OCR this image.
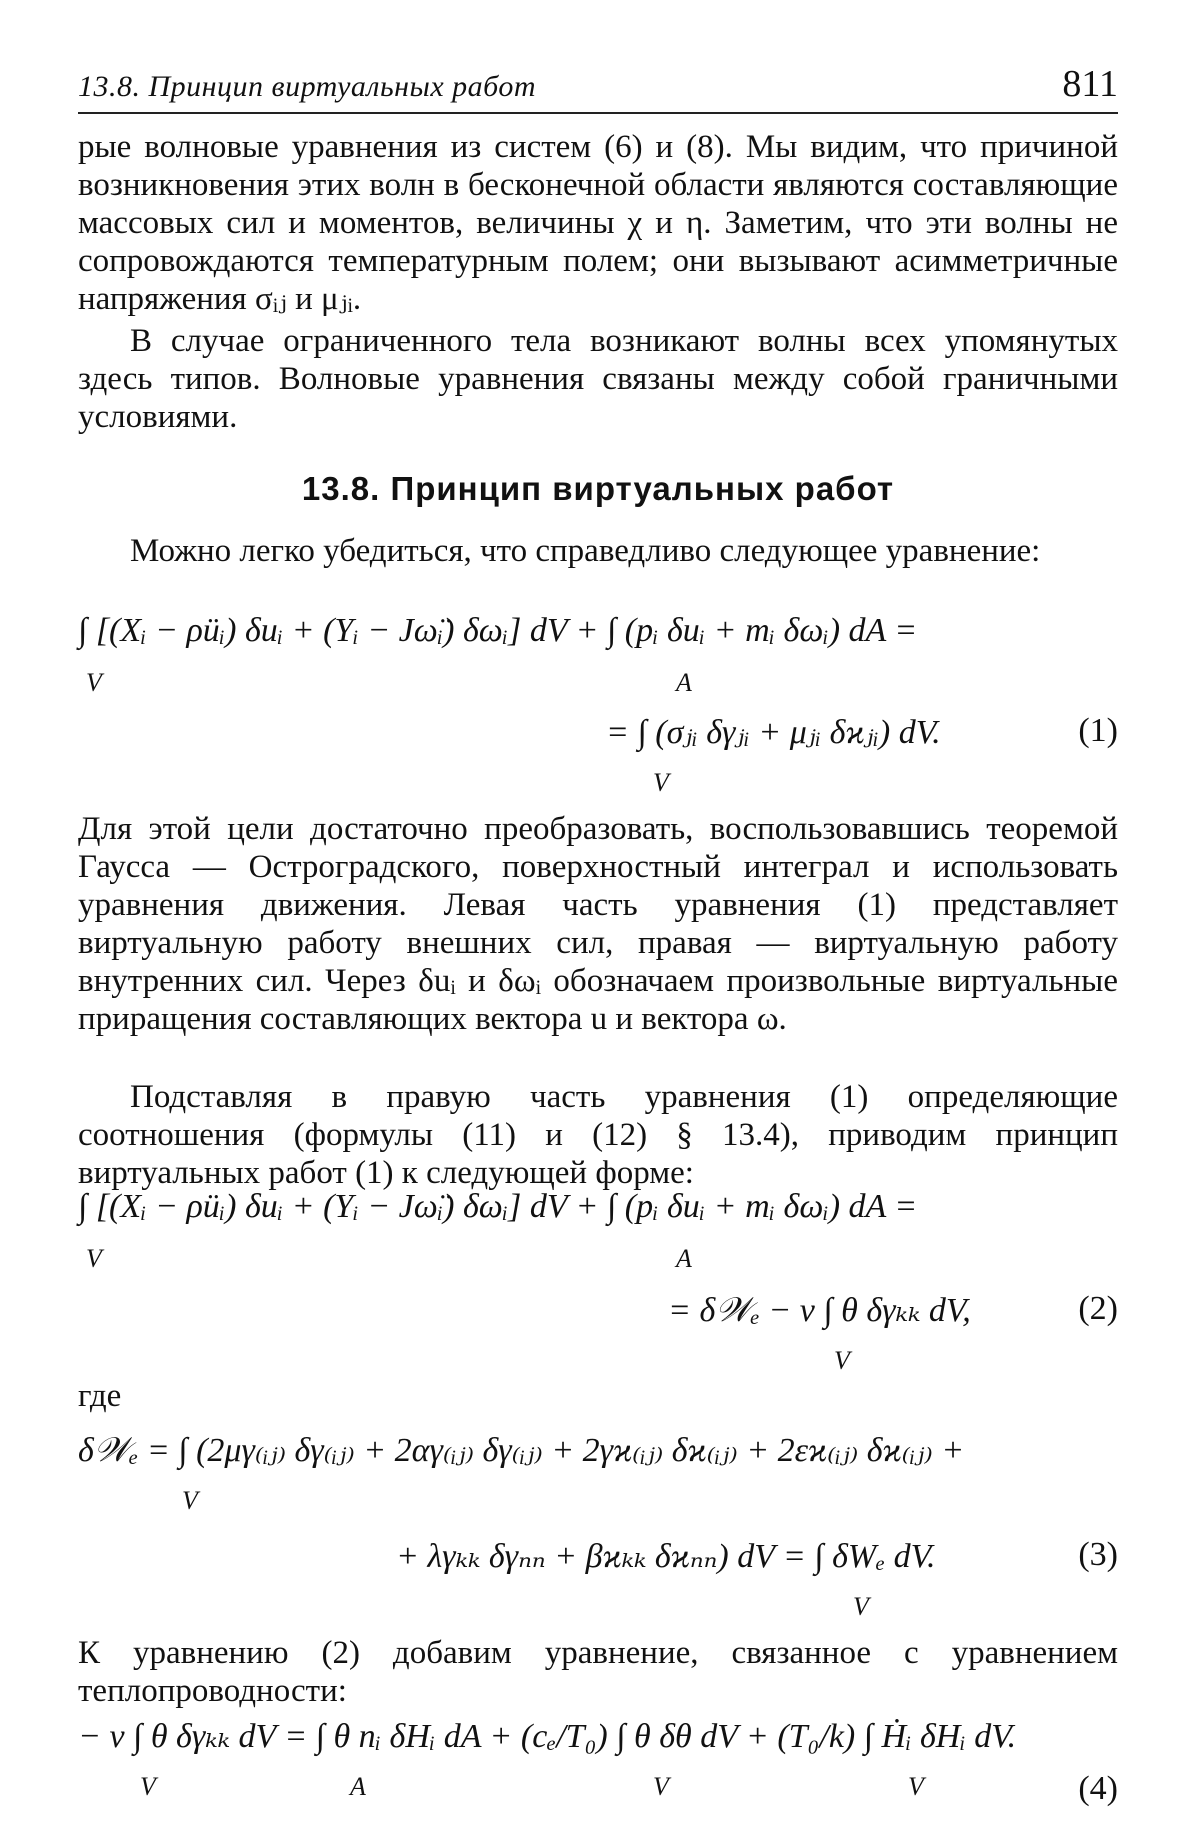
13.8. Принцип виртуальных работ	811

рые волновые уравнения из систем (6) и (8). Мы видим, что причиной возникновения этих волн в бесконечной области являются составляющие массовых сил и моментов, величины χ и η. Заметим, что эти волны не сопровождаются температурным полем; они вызывают асимметричные напряжения σᵢⱼ и μⱼᵢ.

В случае ограниченного тела возникают волны всех упомянутых здесь типов. Волновые уравнения связаны между собой граничными условиями.

13.8. Принцип виртуальных работ

Можно легко убедиться, что справедливо следующее уравнение:

∫ [(Xᵢ − ρüᵢ) δuᵢ + (Yᵢ − Jω̈ᵢ) δωᵢ] dV + ∫ (pᵢ δuᵢ + mᵢ δωᵢ) dA =
V	A
= ∫ (σⱼᵢ δγⱼᵢ + μⱼᵢ δϰⱼᵢ) dV.
V
(1)

Для этой цели достаточно преобразовать, воспользовавшись теоремой Гаусса — Остроградского, поверхностный интеграл и использовать уравнения движения. Левая часть уравнения (1) представляет виртуальную работу внешних сил, правая — виртуальную работу внутренних сил. Через δuᵢ и δωᵢ обозначаем произвольные виртуальные приращения составляющих вектора u и вектора ω.

Подставляя в правую часть уравнения (1) определяющие соотношения (формулы (11) и (12) § 13.4), приводим принцип виртуальных работ (1) к следующей форме:

∫ [(Xᵢ − ρüᵢ) δuᵢ + (Yᵢ − Jω̈ᵢ) δωᵢ] dV + ∫ (pᵢ δuᵢ + mᵢ δωᵢ) dA =
V	A
= δ𝒲ₑ − ν ∫ θ δγₖₖ dV,
V
(2)
где
δ𝒲ₑ = ∫ (2μγ₍ᵢⱼ₎ δγ₍ᵢⱼ₎ + 2αγ₍ᵢⱼ₎ δγ₍ᵢⱼ₎ + 2γϰ₍ᵢⱼ₎ δϰ₍ᵢⱼ₎ + 2εϰ₍ᵢⱼ₎ δϰ₍ᵢⱼ₎ +
V
+ λγₖₖ δγₙₙ + βϰₖₖ δϰₙₙ) dV = ∫ δWₑ dV.
V
(3)

К уравнению (2) добавим уравнение, связанное с уравнением теплопроводности:

− ν ∫ θ δγₖₖ dV = ∫ θ nᵢ δHᵢ dA + (cₑ/T₀) ∫ θ δθ dV + (T₀/k) ∫ Ḣᵢ δHᵢ dV.
V	A	V	V	(4)
